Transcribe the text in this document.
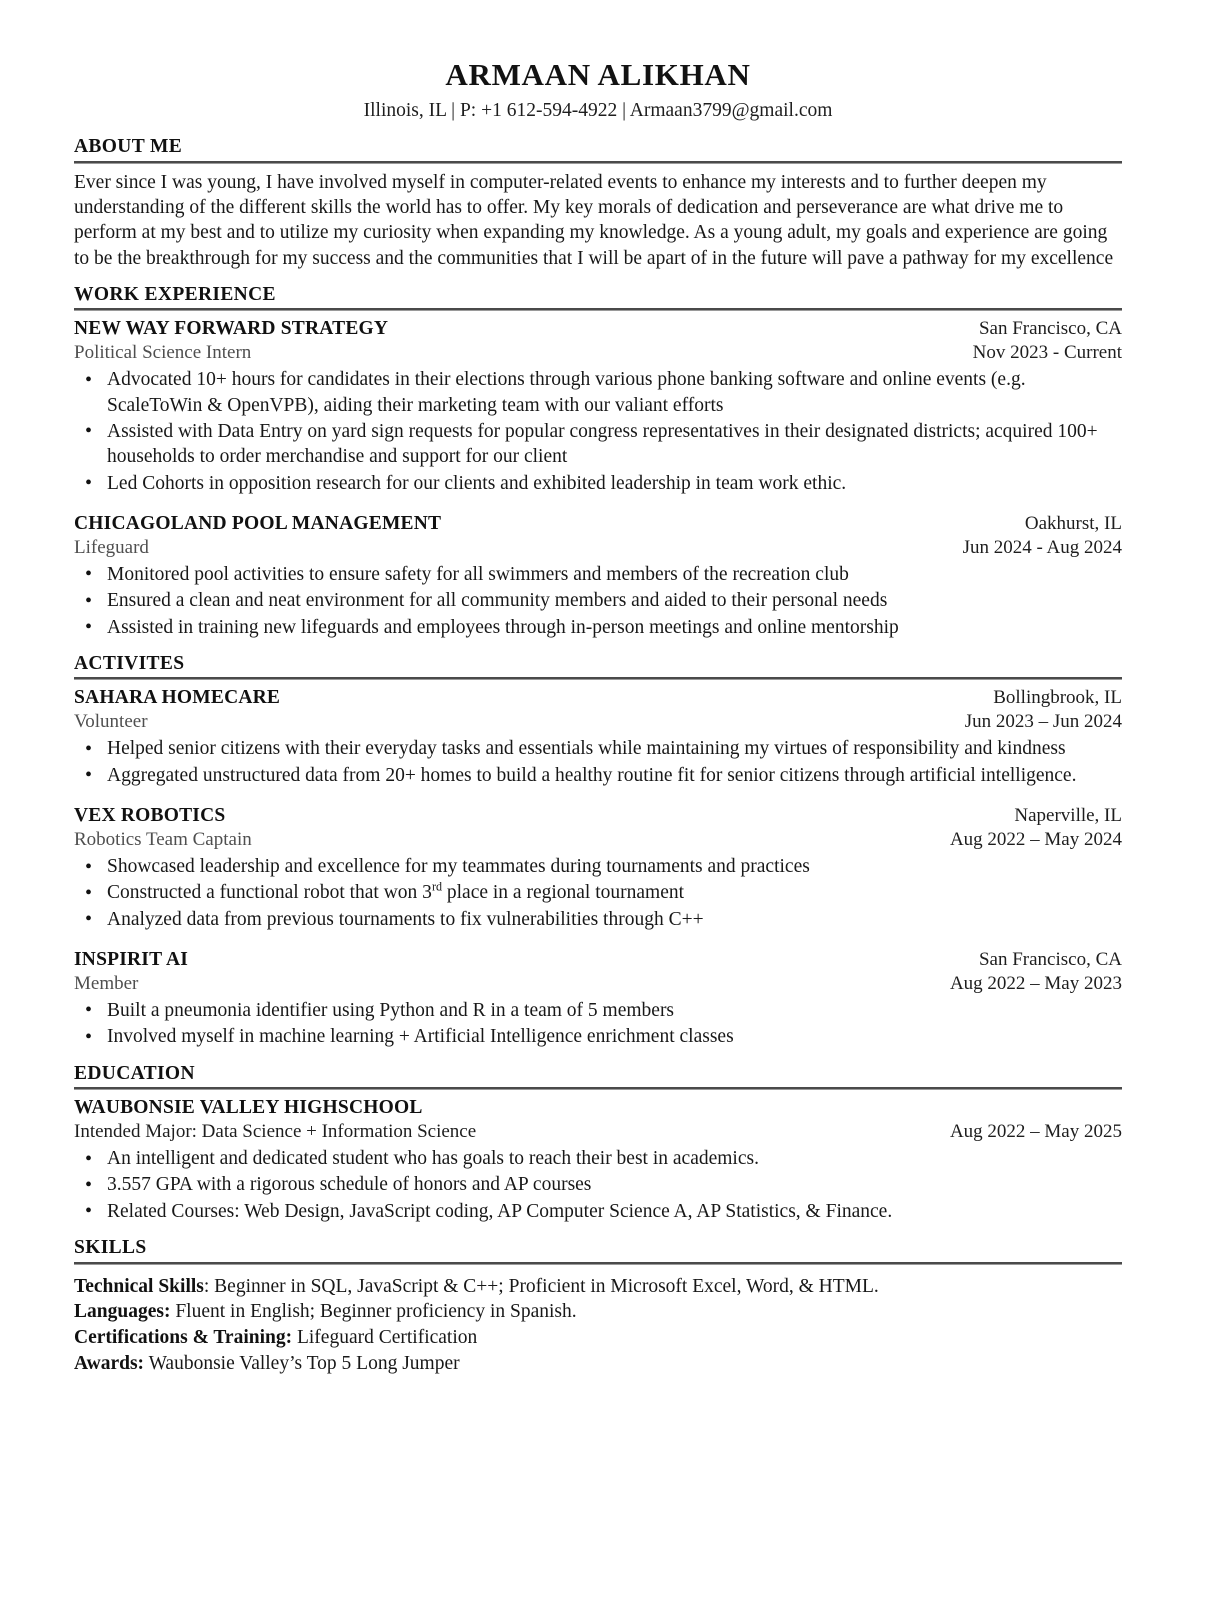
ARMAAN ALIKHAN
Illinois, IL | P: +1 612-594-4922 | Armaan3799@gmail.com
ABOUT ME

Ever since I was young, I have involved myself in computer-related events to enhance my interests and to further deepen my understanding of the different skills the world has to offer. My key morals of dedication and perseverance are what drive me to perform at my best and to utilize my curiosity when expanding my knowledge. As a young adult, my goals and experience are going to be the breakthrough for my success and the communities that I will be apart of in the future will pave a pathway for my excellence

WORK EXPERIENCE
NEW WAY FORWARD STRATEGY	San Francisco, CA
Political Science Intern	Nov 2023 - Current
• Advocated 10+ hours for candidates in their elections through various phone banking software and online events (e.g. ScaleToWin & OpenVPB), aiding their marketing team with our valiant efforts
• Assisted with Data Entry on yard sign requests for popular congress representatives in their designated districts; acquired 100+ households to order merchandise and support for our client
• Led Cohorts in opposition research for our clients and exhibited leadership in team work ethic.
CHICAGOLAND POOL MANAGEMENT	Oakhurst, IL
Lifeguard	Jun 2024 - Aug 2024
• Monitored pool activities to ensure safety for all swimmers and members of the recreation club
• Ensured a clean and neat environment for all community members and aided to their personal needs
• Assisted in training new lifeguards and employees through in-person meetings and online mentorship
ACTIVITES
SAHARA HOMECARE	Bollingbrook, IL
Volunteer	Jun 2023 – Jun 2024
• Helped senior citizens with their everyday tasks and essentials while maintaining my virtues of responsibility and kindness
• Aggregated unstructured data from 20+ homes to build a healthy routine fit for senior citizens through artificial intelligence.
VEX ROBOTICS	Naperville, IL
Robotics Team Captain	Aug 2022 – May 2024
• Showcased leadership and excellence for my teammates during tournaments and practices
• Constructed a functional robot that won 3rd place in a regional tournament
• Analyzed data from previous tournaments to fix vulnerabilities through C++
INSPIRIT AI	San Francisco, CA
Member	Aug 2022 – May 2023
• Built a pneumonia identifier using Python and R in a team of 5 members
• Involved myself in machine learning + Artificial Intelligence enrichment classes
EDUCATION
WAUBONSIE VALLEY HIGHSCHOOL
Intended Major: Data Science + Information Science	Aug 2022 – May 2025
• An intelligent and dedicated student who has goals to reach their best in academics.
• 3.557 GPA with a rigorous schedule of honors and AP courses
• Related Courses: Web Design, JavaScript coding, AP Computer Science A, AP Statistics, & Finance.
SKILLS
Technical Skills: Beginner in SQL, JavaScript & C++; Proficient in Microsoft Excel, Word, & HTML.
Languages: Fluent in English; Beginner proficiency in Spanish.
Certifications & Training: Lifeguard Certification
Awards: Waubonsie Valley’s Top 5 Long Jumper
